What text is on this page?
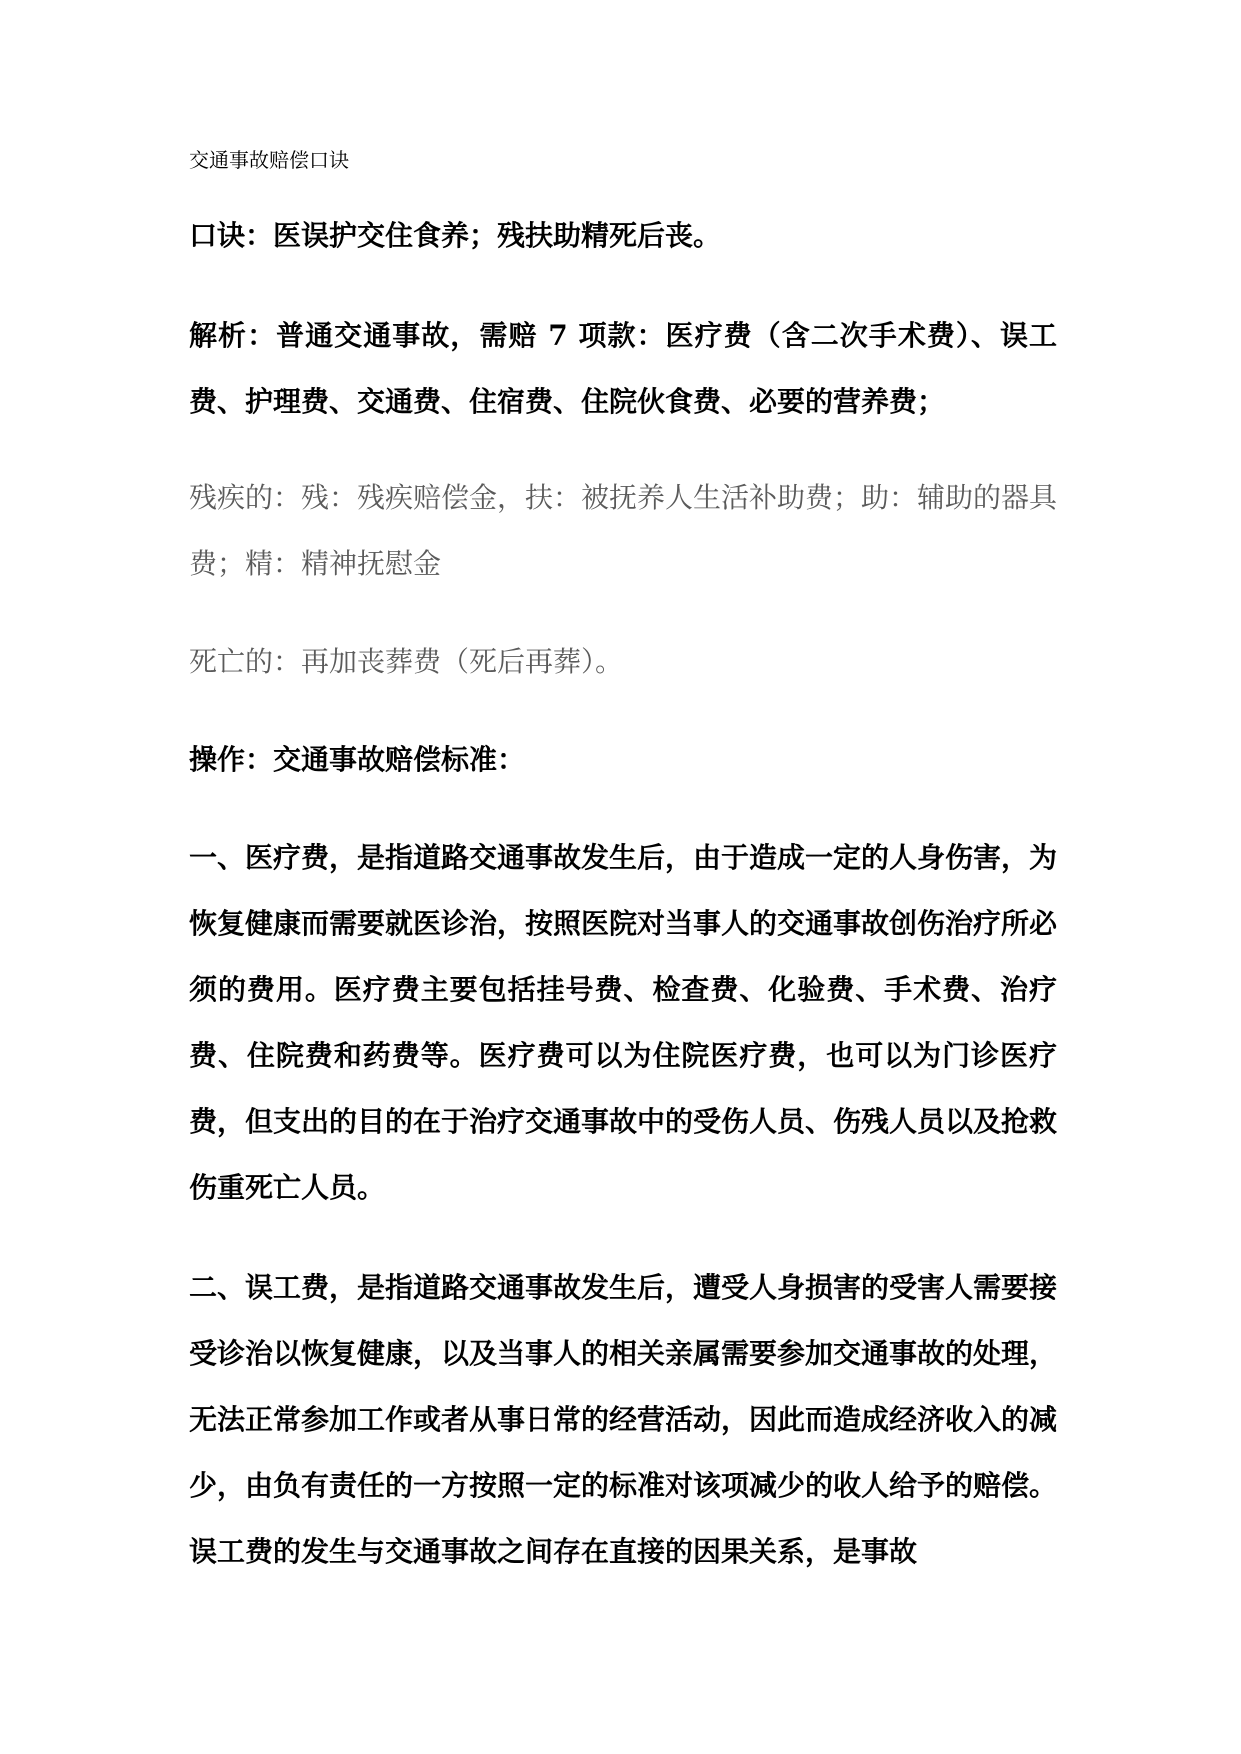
交通事故赔偿口诀

口诀：医误护交住食养；残扶助精死后丧。

解析：普通交通事故，需赔 7 项款：医疗费（含二次手术费）、误工费、护理费、交通费、住宿费、住院伙食费、必要的营养费；

残疾的：残：残疾赔偿金，扶：被抚养人生活补助费；助：辅助的器具费；精：精神抚慰金

死亡的：再加丧葬费（死后再葬）。

操作：交通事故赔偿标准：

一、医疗费，是指道路交通事故发生后，由于造成一定的人身伤害，为恢复健康而需要就医诊治，按照医院对当事人的交通事故创伤治疗所必须的费用。医疗费主要包括挂号费、检查费、化验费、手术费、治疗费、住院费和药费等。医疗费可以为住院医疗费，也可以为门诊医疗费，但支出的目的在于治疗交通事故中的受伤人员、伤残人员以及抢救伤重死亡人员。

二、误工费，是指道路交通事故发生后，遭受人身损害的受害人需要接受诊治以恢复健康，以及当事人的相关亲属需要参加交通事故的处理，无法正常参加工作或者从事日常的经营活动，因此而造成经济收入的减少，由负有责任的一方按照一定的标准对该项减少的收人给予的赔偿。误工费的发生与交通事故之间存在直接的因果关系，是事故
